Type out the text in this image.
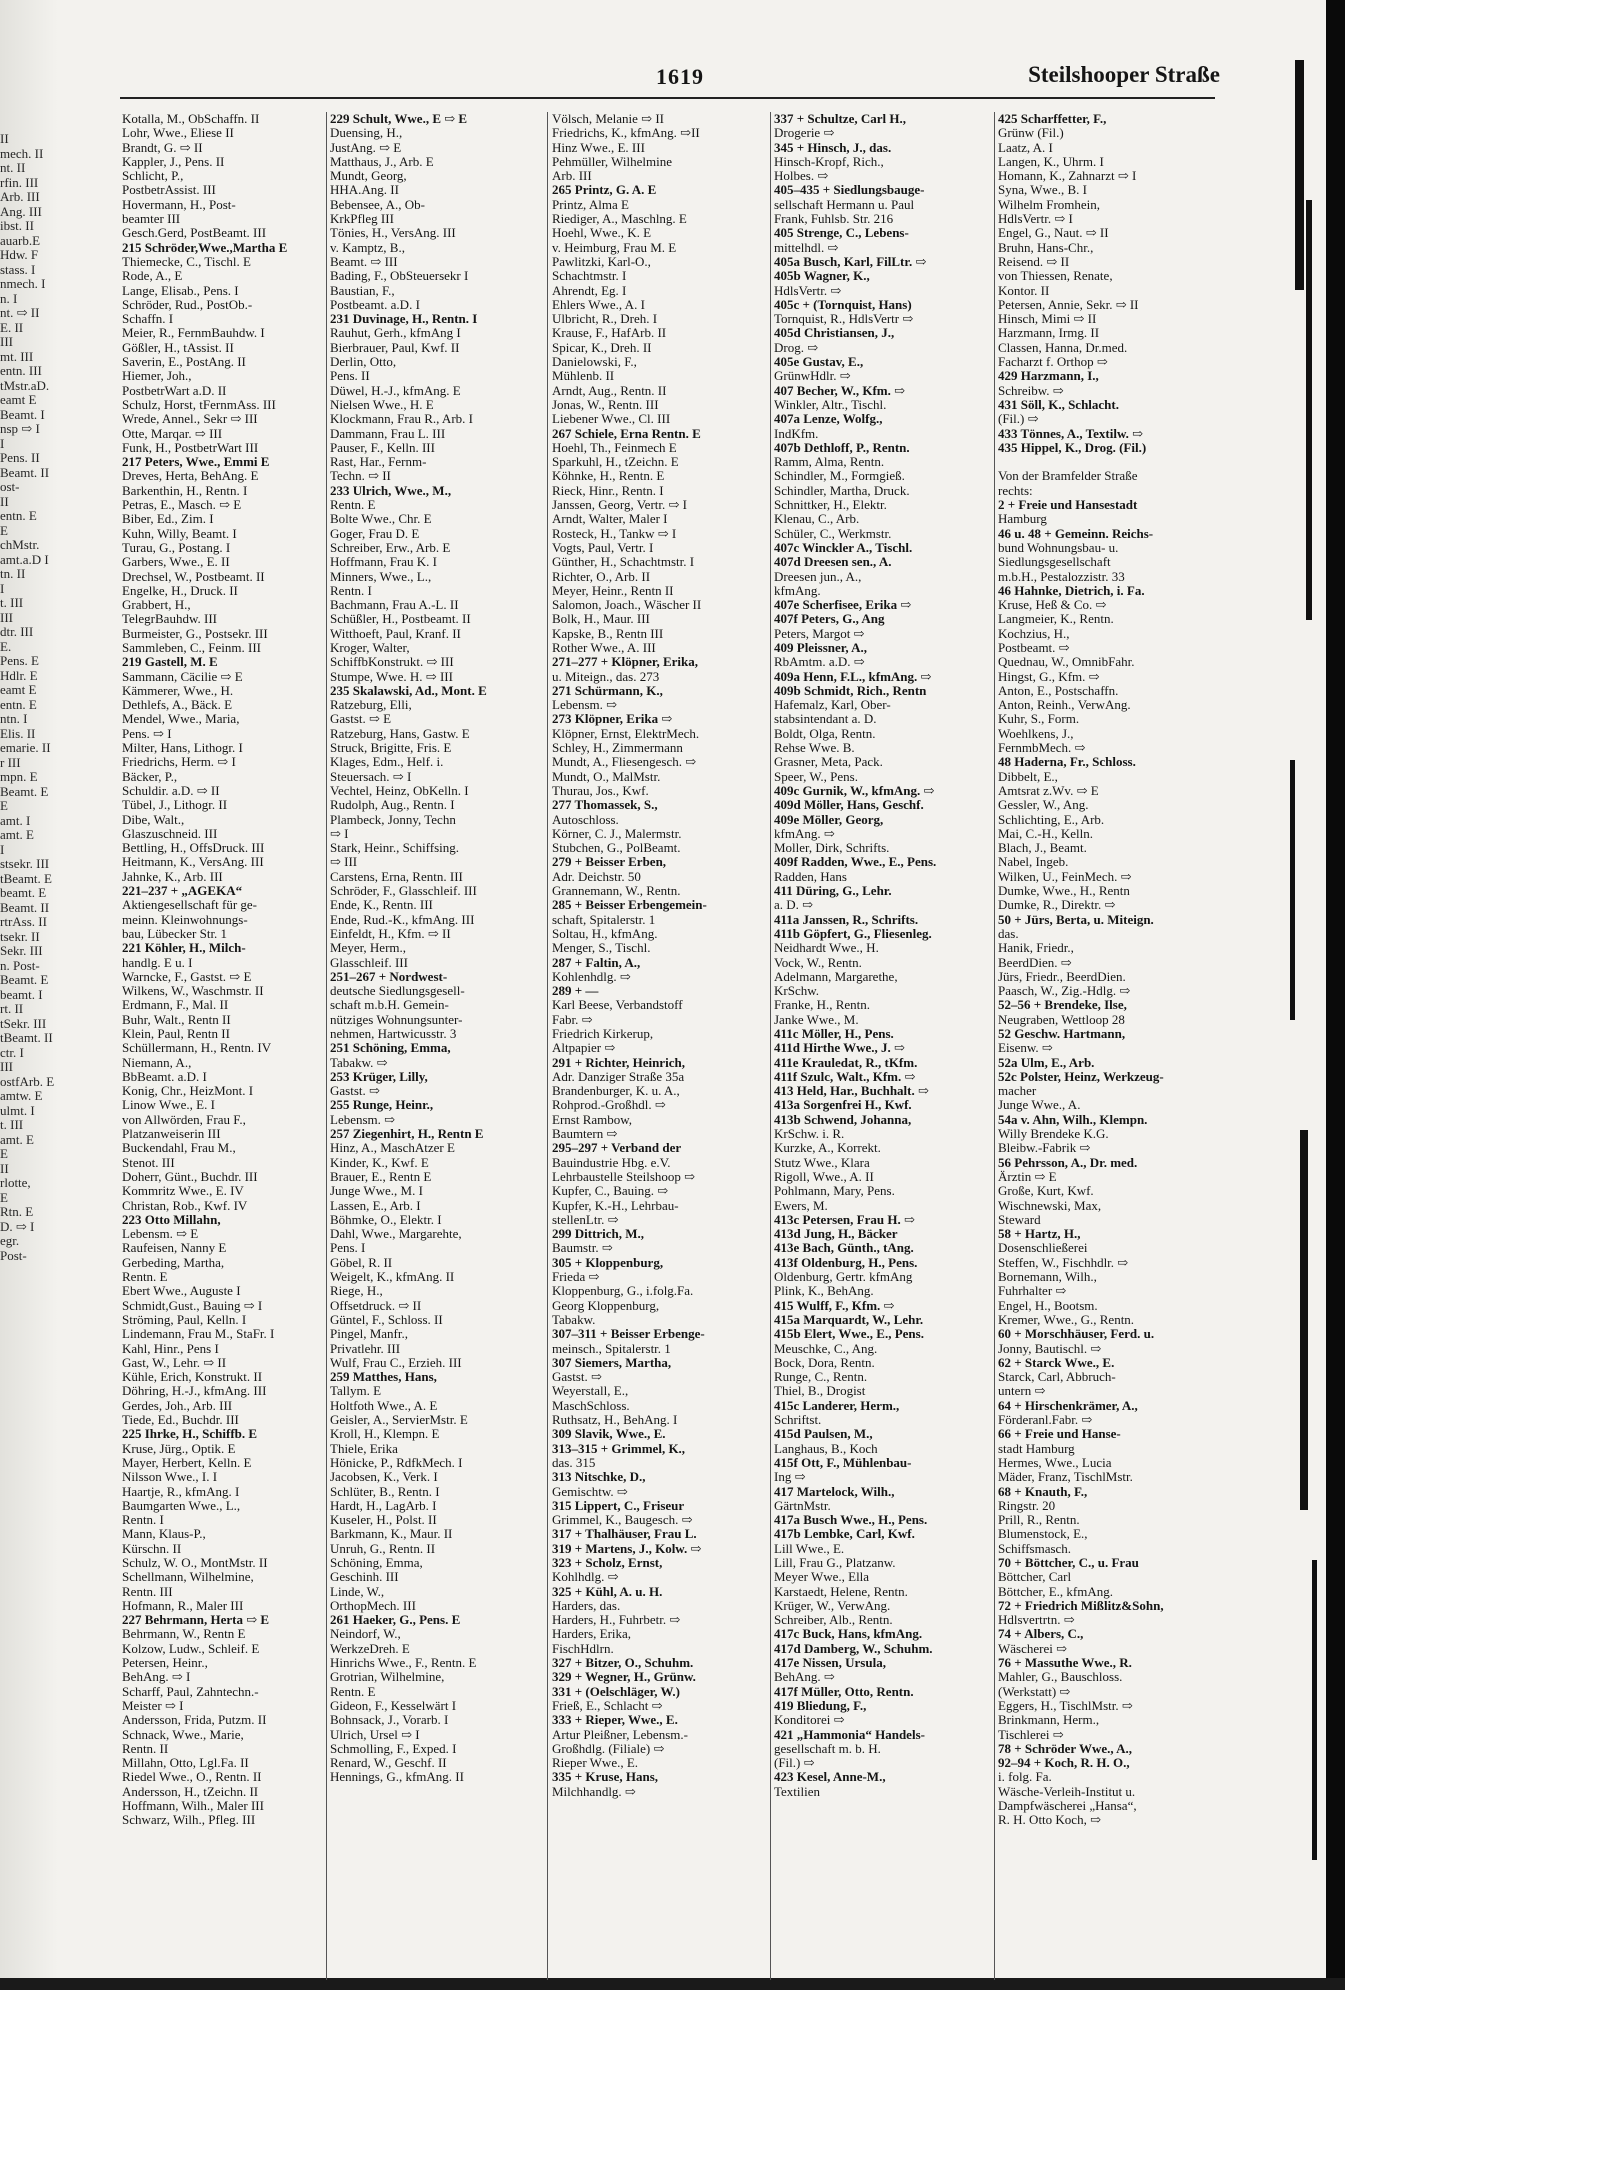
1619	Steilshooper Straße
II
mech. II
nt. II
rfin. III
Arb. III
Ang. III
ibst. II
auarb.E
Hdw. F
stass. I
nmech. I
n. I
nt. ⇨ II
E. II
III
mt. III
entn. III
tMstr.aD.
eamt E
Beamt. I
nsp ⇨ I
I
Pens. II
Beamt. II
ost-
II
entn. E
E
chMstr.
amt.a.D I
tn. II
I
t. III
III
dtr. III
E.
Pens. E
Hdlr. E
eamt E
entn. E
ntn. I
Elis. II
emarie. II
r III
mpn. E
Beamt. E
E
amt. I
amt. E
I
stsekr. III
tBeamt. E
beamt. E
Beamt. II
rtrAss. II
tsekr. II
Sekr. III
n. Post-
Beamt. E
beamt. I
rt. II
tSekr. III
tBeamt. II
ctr. I
III
ostfArb. E
amtw. E
ulmt. I
t. III
amt. E
E
II
rlotte,
E
Rtn. E
D. ⇨ I
egr.
Post-
Kotalla, M., ObSchaffn. II
Lohr, Wwe., Eliese II
Brandt, G. ⇨ II
Kappler, J., Pens. II
Schlicht, P.,
PostbetrAssist. III
Hovermann, H., Post-
beamter III
Gesch.Gerd, PostBeamt. III
215 Schröder,Wwe.,Martha E
Thiemecke, C., Tischl. E
Rode, A., E
Lange, Elisab., Pens. I
Schröder, Rud., PostOb.-
Schaffn. I
Meier, R., FernmBauhdw. I
Gößler, H., tAssist. II
Saverin, E., PostAng. II
Hiemer, Joh.,
PostbetrWart a.D. II
Schulz, Horst, tFernmAss. III
Wrede, Annel., Sekr ⇨ III
Otte, Marqar. ⇨ III
Funk, H., PostbetrWart III
217 Peters, Wwe., Emmi E
Dreves, Herta, BehAng. E
Barkenthin, H., Rentn. I
Petras, E., Masch. ⇨ E
Biber, Ed., Zim. I
Kuhn, Willy, Beamt. I
Turau, G., Postang. I
Garbers, Wwe., E. II
Drechsel, W., Postbeamt. II
Engelke, H., Druck. II
Grabbert, H.,
TelegrBauhdw. III
Burmeister, G., Postsekr. III
Sammleben, C., Feinm. III
219 Gastell, M. E
Sammann, Cäcilie ⇨ E
Kämmerer, Wwe., H.
Dethlefs, A., Bäck. E
Mendel, Wwe., Maria,
Pens. ⇨ I
Milter, Hans, Lithogr. I
Friedrichs, Herm. ⇨ I
Bäcker, P.,
Schuldir. a.D. ⇨ II
Tübel, J., Lithogr. II
Dibe, Walt.,
Glaszuschneid. III
Bettling, H., OffsDruck. III
Heitmann, K., VersAng. III
Jahnke, K., Arb. III
221–237 + „AGEKA“
Aktiengesellschaft für ge-
meinn. Kleinwohnungs-
bau, Lübecker Str. 1
221 Köhler, H., Milch-
handlg. E u. I
Warncke, F., Gastst. ⇨ E
Wilkens, W., Waschmstr. II
Erdmann, F., Mal. II
Buhr, Walt., Rentn II
Klein, Paul, Rentn II
Schüllermann, H., Rentn. IV
Niemann, A.,
BbBeamt. a.D. I
Konig, Chr., HeizMont. I
Linow Wwe., E. I
von Allwörden, Frau F.,
Platzanweiserin III
Buckendahl, Frau M.,
Stenot. III
Doherr, Günt., Buchdr. III
Kommritz Wwe., E. IV
Christan, Rob., Kwf. IV
223 Otto Millahn,
Lebensm. ⇨ E
Raufeisen, Nanny E
Gerbeding, Martha,
Rentn. E
Ebert Wwe., Auguste I
Schmidt,Gust., Bauing ⇨ I
Ströming, Paul, Kelln. I
Lindemann, Frau M., StaFr. I
Kahl, Hinr., Pens I
Gast, W., Lehr. ⇨ II
Kühle, Erich, Konstrukt. II
Döhring, H.-J., kfmAng. III
Gerdes, Joh., Arb. III
Tiede, Ed., Buchdr. III
225 Ihrke, H., Schiffb. E
Kruse, Jürg., Optik. E
Mayer, Herbert, Kelln. E
Nilsson Wwe., I. I
Haartje, R., kfmAng. I
Baumgarten Wwe., L.,
Rentn. I
Mann, Klaus-P.,
Kürschn. II
Schulz, W. O., MontMstr. II
Schellmann, Wilhelmine,
Rentn. III
Hofmann, R., Maler III
227 Behrmann, Herta ⇨ E
Behrmann, W., Rentn E
Kolzow, Ludw., Schleif. E
Petersen, Heinr.,
BehAng. ⇨ I
Scharff, Paul, Zahntechn.-
Meister ⇨ I
Andersson, Frida, Putzm. II
Schnack, Wwe., Marie,
Rentn. II
Millahn, Otto, Lgl.Fa. II
Riedel Wwe., O., Rentn. II
Andersson, H., tZeichn. II
Hoffmann, Wilh., Maler III
Schwarz, Wilh., Pfleg. III
229 Schult, Wwe., E ⇨ E
Duensing, H.,
JustAng. ⇨ E
Matthaus, J., Arb. E
Mundt, Georg,
HHA.Ang. II
Bebensee, A., Ob-
KrkPfleg III
Tönies, H., VersAng. III
v. Kamptz, B.,
Beamt. ⇨ III
Bading, F., ObSteuersekr I
Baustian, F.,
Postbeamt. a.D. I
231 Duvinage, H., Rentn. I
Rauhut, Gerh., kfmAng I
Bierbrauer, Paul, Kwf. II
Derlin, Otto,
Pens. II
Düwel, H.-J., kfmAng. E
Nielsen Wwe., H. E
Klockmann, Frau R., Arb. I
Dammann, Frau L. III
Pauser, F., Kelln. III
Rast, Har., Fernm-
Techn. ⇨ II
233 Ulrich, Wwe., M.,
Rentn. E
Bolte Wwe., Chr. E
Goger, Frau D. E
Schreiber, Erw., Arb. E
Hoffmann, Frau K. I
Minners, Wwe., L.,
Rentn. I
Bachmann, Frau A.-L. II
Schüßler, H., Postbeamt. II
Witthoeft, Paul, Kranf. II
Kroger, Walter,
SchiffbKonstrukt. ⇨ III
Stumpe, Wwe. H. ⇨ III
235 Skalawski, Ad., Mont. E
Ratzeburg, Elli,
Gastst. ⇨ E
Ratzeburg, Hans, Gastw. E
Struck, Brigitte, Fris. E
Klages, Edm., Helf. i.
Steuersach. ⇨ I
Vechtel, Heinz, ObKelln. I
Rudolph, Aug., Rentn. I
Plambeck, Jonny, Techn
⇨ I
Stark, Heinr., Schiffsing.
⇨ III
Carstens, Erna, Rentn. III
Schröder, F., Glasschleif. III
Ende, K., Rentn. III
Ende, Rud.-K., kfmAng. III
Einfeldt, H., Kfm. ⇨ II
Meyer, Herm.,
Glasschleif. III
251–267 + Nordwest-
deutsche Siedlungsgesell-
schaft m.b.H. Gemein-
nütziges Wohnungsunter-
nehmen, Hartwicusstr. 3
251 Schöning, Emma,
Tabakw. ⇨
253 Krüger, Lilly,
Gastst. ⇨
255 Runge, Heinr.,
Lebensm. ⇨
257 Ziegenhirt, H., Rentn E
Hinz, A., MaschAtzer E
Kinder, K., Kwf. E
Brauer, E., Rentn E
Junge Wwe., M. I
Lassen, E., Arb. I
Böhmke, O., Elektr. I
Dahl, Wwe., Margarehte,
Pens. I
Göbel, R. II
Weigelt, K., kfmAng. II
Riege, H.,
Offsetdruck. ⇨ II
Güntel, F., Schloss. II
Pingel, Manfr.,
Privatlehr. III
Wulf, Frau C., Erzieh. III
259 Matthes, Hans,
Tallym. E
Holtfoth Wwe., A. E
Geisler, A., ServierMstr. E
Kroll, H., Klempn. E
Thiele, Erika
Hönicke, P., RdfkMech. I
Jacobsen, K., Verk. I
Schlüter, B., Rentn. I
Hardt, H., LagArb. I
Kuseler, H., Polst. II
Barkmann, K., Maur. II
Unruh, G., Rentn. II
Schöning, Emma,
Geschinh. III
Linde, W.,
OrthopMech. III
261 Haeker, G., Pens. E
Neindorf, W.,
WerkzeDreh. E
Hinrichs Wwe., F., Rentn. E
Grotrian, Wilhelmine,
Rentn. E
Gideon, F., Kesselwärt I
Bohnsack, J., Vorarb. I
Ulrich, Ursel ⇨ I
Schmolling, F., Exped. I
Renard, W., Geschf. II
Hennings, G., kfmAng. II
Völsch, Melanie ⇨ II
Friedrichs, K., kfmAng. ⇨II
Hinz Wwe., E. III
Pehmüller, Wilhelmine
Arb. III
265 Printz, G. A. E
Printz, Alma E
Riediger, A., Maschlng. E
Hoehl, Wwe., K. E
v. Heimburg, Frau M. E
Pawlitzki, Karl-O.,
Schachtmstr. I
Ahrendt, Eg. I
Ehlers Wwe., A. I
Ulbricht, R., Dreh. I
Krause, F., HafArb. II
Spicar, K., Dreh. II
Danielowski, F.,
Mühlenb. II
Arndt, Aug., Rentn. II
Jonas, W., Rentn. III
Liebener Wwe., Cl. III
267 Schiele, Erna Rentn. E
Hoehl, Th., Feinmech E
Sparkuhl, H., tZeichn. E
Köhnke, H., Rentn. E
Rieck, Hinr., Rentn. I
Janssen, Georg, Vertr. ⇨ I
Arndt, Walter, Maler I
Rosteck, H., Tankw ⇨ I
Vogts, Paul, Vertr. I
Günther, H., Schachtmstr. I
Richter, O., Arb. II
Meyer, Heinr., Rentn II
Salomon, Joach., Wäscher II
Bolk, H., Maur. III
Kapske, B., Rentn III
Rother Wwe., A. III
271–277 + Klöpner, Erika,
u. Miteign., das. 273
271 Schürmann, K.,
Lebensm. ⇨
273 Klöpner, Erika ⇨
Klöpner, Ernst, ElektrMech.
Schley, H., Zimmermann
Mundt, A., Fliesengesch. ⇨
Mundt, O., MalMstr.
Thurau, Jos., Kwf.
277 Thomassek, S.,
Autoschloss.
Körner, C. J., Malermstr.
Stubchen, G., PolBeamt.
279 + Beisser Erben,
Adr. Deichstr. 50
Grannemann, W., Rentn.
285 + Beisser Erbengemein-
schaft, Spitalerstr. 1
Soltau, H., kfmAng.
Menger, S., Tischl.
287 + Faltin, A.,
Kohlenhdlg. ⇨
289 + —
Karl Beese, Verbandstoff
Fabr. ⇨
Friedrich Kirkerup,
Altpapier ⇨
291 + Richter, Heinrich,
Adr. Danziger Straße 35a
Brandenburger, K. u. A.,
Rohprod.-Großhdl. ⇨
Ernst Rambow,
Baumtern ⇨
295–297 + Verband der
Bauindustrie Hbg. e.V.
Lehrbaustelle Steilshoop ⇨
Kupfer, C., Bauing. ⇨
Kupfer, K.-H., Lehrbau-
stellenLtr. ⇨
299 Dittrich, M.,
Baumstr. ⇨
305 + Kloppenburg,
Frieda ⇨
Kloppenburg, G., i.folg.Fa.
Georg Kloppenburg,
Tabakw.
307–311 + Beisser Erbenge-
meinsch., Spitalerstr. 1
307 Siemers, Martha,
Gastst. ⇨
Weyerstall, E.,
MaschSchloss.
Ruthsatz, H., BehAng. I
309 Slavik, Wwe., E.
313–315 + Grimmel, K.,
das. 315
313 Nitschke, D.,
Gemischtw. ⇨
315 Lippert, C., Friseur
Grimmel, K., Baugesch. ⇨
317 + Thalhäuser, Frau L.
319 + Martens, J., Kolw. ⇨
323 + Scholz, Ernst,
Kohlhdlg. ⇨
325 + Kühl, A. u. H.
Harders, das.
Harders, H., Fuhrbetr. ⇨
Harders, Erika,
FischHdlrn.
327 + Bitzer, O., Schuhm.
329 + Wegner, H., Grünw.
331 + (Oelschläger, W.)
Frieß, E., Schlacht ⇨
333 + Rieper, Wwe., E.
Artur Pleißner, Lebensm.-
Großhdlg. (Filiale) ⇨
Rieper Wwe., E.
335 + Kruse, Hans,
Milchhandlg. ⇨
337 + Schultze, Carl H.,
Drogerie ⇨
345 + Hinsch, J., das.
Hinsch-Kropf, Rich.,
Holbes. ⇨
405–435 + Siedlungsbauge-
sellschaft Hermann u. Paul
Frank, Fuhlsb. Str. 216
405 Strenge, C., Lebens-
mittelhdl. ⇨
405a Busch, Karl, FilLtr. ⇨
405b Wagner, K.,
HdlsVertr. ⇨
405c + (Tornquist, Hans)
Tornquist, R., HdlsVertr ⇨
405d Christiansen, J.,
Drog. ⇨
405e Gustav, E.,
GrünwHdlr. ⇨
407 Becher, W., Kfm. ⇨
Winkler, Altr., Tischl.
407a Lenze, Wolfg.,
IndKfm.
407b Dethloff, P., Rentn.
Ramm, Alma, Rentn.
Schindler, M., Formgieß.
Schindler, Martha, Druck.
Schnittker, H., Elektr.
Klenau, C., Arb.
Schüler, C., Werkmstr.
407c Winckler A., Tischl.
407d Dreesen sen., A.
Dreesen jun., A.,
kfmAng.
407e Scherfisee, Erika ⇨
407f Peters, G., Ang
Peters, Margot ⇨
409 Pleissner, A.,
RbAmtm. a.D. ⇨
409a Henn, F.L., kfmAng. ⇨
409b Schmidt, Rich., Rentn
Hafemalz, Karl, Ober-
stabsintendant a. D.
Boldt, Olga, Rentn.
Rehse Wwe. B.
Grasner, Meta, Pack.
Speer, W., Pens.
409c Gurnik, W., kfmAng. ⇨
409d Möller, Hans, Geschf.
409e Möller, Georg,
kfmAng. ⇨
Moller, Dirk, Schrifts.
409f Radden, Wwe., E., Pens.
Radden, Hans
411 Düring, G., Lehr.
a. D. ⇨
411a Janssen, R., Schrifts.
411b Göpfert, G., Fliesenleg.
Neidhardt Wwe., H.
Vock, W., Rentn.
Adelmann, Margarethe,
KrSchw.
Franke, H., Rentn.
Janke Wwe., M.
411c Möller, H., Pens.
411d Hirthe Wwe., J. ⇨
411e Krauledat, R., tKfm.
411f Szulc, Walt., Kfm. ⇨
413 Held, Har., Buchhalt. ⇨
413a Sorgenfrei H., Kwf.
413b Schwend, Johanna,
KrSchw. i. R.
Kurzke, A., Korrekt.
Stutz Wwe., Klara
Rigoll, Wwe., A. II
Pohlmann, Mary, Pens.
Ewers, M.
413c Petersen, Frau H. ⇨
413d Jung, H., Bäcker
413e Bach, Günth., tAng.
413f Oldenburg, H., Pens.
Oldenburg, Gertr. kfmAng
Plink, K., BehAng.
415 Wulff, F., Kfm. ⇨
415a Marquardt, W., Lehr.
415b Elert, Wwe., E., Pens.
Meuschke, C., Ang.
Bock, Dora, Rentn.
Runge, C., Rentn.
Thiel, B., Drogist
415c Landerer, Herm.,
Schriftst.
415d Paulsen, M.,
Langhaus, B., Koch
415f Ott, F., Mühlenbau-
Ing ⇨
417 Martelock, Wilh.,
GärtnMstr.
417a Busch Wwe., H., Pens.
417b Lembke, Carl, Kwf.
Lill Wwe., E.
Lill, Frau G., Platzanw.
Meyer Wwe., Ella
Karstaedt, Helene, Rentn.
Krüger, W., VerwAng.
Schreiber, Alb., Rentn.
417c Buck, Hans, kfmAng.
417d Damberg, W., Schuhm.
417e Nissen, Ursula,
BehAng. ⇨
417f Müller, Otto, Rentn.
419 Bliedung, F.,
Konditorei ⇨
421 „Hammonia“ Handels-
gesellschaft m. b. H.
(Fil.) ⇨
423 Kesel, Anne-M.,
Textilien
425 Scharffetter, F.,
Grünw (Fil.)
Laatz, A. I
Langen, K., Uhrm. I
Homann, K., Zahnarzt ⇨ I
Syna, Wwe., B. I
Wilhelm Fromhein,
HdlsVertr. ⇨ I
Engel, G., Naut. ⇨ II
Bruhn, Hans-Chr.,
Reisend. ⇨ II
von Thiessen, Renate,
Kontor. II
Petersen, Annie, Sekr. ⇨ II
Hinsch, Mimi ⇨ II
Harzmann, Irmg. II
Classen, Hanna, Dr.med.
Facharzt f. Orthop ⇨
429 Harzmann, I.,
Schreibw. ⇨
431 Söll, K., Schlacht.
(Fil.) ⇨
433 Tönnes, A., Textilw. ⇨
435 Hippel, K., Drog. (Fil.)
Von der Bramfelder Straße
rechts:
2 + Freie und Hansestadt
Hamburg
46 u. 48 + Gemeinn. Reichs-
bund Wohnungsbau- u.
Siedlungsgesellschaft
m.b.H., Pestalozzistr. 33
46 Hahnke, Dietrich, i. Fa.
Kruse, Heß & Co. ⇨
Langmeier, K., Rentn.
Kochzius, H.,
Postbeamt. ⇨
Quednau, W., OmnibFahr.
Hingst, G., Kfm. ⇨
Anton, E., Postschaffn.
Anton, Reinh., VerwAng.
Kuhr, S., Form.
Woehlkens, J.,
FernmbMech. ⇨
48 Haderna, Fr., Schloss.
Dibbelt, E.,
Amtsrat z.Wv. ⇨ E
Gessler, W., Ang.
Schlichting, E., Arb.
Mai, C.-H., Kelln.
Blach, J., Beamt.
Nabel, Ingeb.
Wilken, U., FeinMech. ⇨
Dumke, Wwe., H., Rentn
Dumke, R., Direktr. ⇨
50 + Jürs, Berta, u. Miteign.
das.
Hanik, Friedr.,
BeerdDien. ⇨
Jürs, Friedr., BeerdDien.
Paasch, W., Zig.-Hdlg. ⇨
52–56 + Brendeke, Ilse,
Neugraben, Wettloop 28
52 Geschw. Hartmann,
Eisenw. ⇨
52a Ulm, E., Arb.
52c Polster, Heinz, Werkzeug-
macher
Junge Wwe., A.
54a v. Ahn, Wilh., Klempn.
Willy Brendeke K.G.
Bleibw.-Fabrik ⇨
56 Pehrsson, A., Dr. med.
Ärztin ⇨ E
Große, Kurt, Kwf.
Wischnewski, Max,
Steward
58 + Hartz, H.,
Dosenschließerei
Steffen, W., Fischhdlr. ⇨
Bornemann, Wilh.,
Fuhrhalter ⇨
Engel, H., Bootsm.
Kremer, Wwe., G., Rentn.
60 + Morschhäuser, Ferd. u.
Jonny, Bautischl. ⇨
62 + Starck Wwe., E.
Starck, Carl, Abbruch-
untern ⇨
64 + Hirschenkrämer, A.,
Förderanl.Fabr. ⇨
66 + Freie und Hanse-
stadt Hamburg
Hermes, Wwe., Lucia
Mäder, Franz, TischlMstr.
68 + Knauth, F.,
Ringstr. 20
Prill, R., Rentn.
Blumenstock, E.,
Schiffsmasch.
70 + Böttcher, C., u. Frau
Böttcher, Carl
Böttcher, E., kfmAng.
72 + Friedrich Mißlitz&Sohn,
Hdlsvertrtn. ⇨
74 + Albers, C.,
Wäscherei ⇨
76 + Massuthe Wwe., R.
Mahler, G., Bauschloss.
(Werkstatt) ⇨
Eggers, H., TischlMstr. ⇨
Brinkmann, Herm.,
Tischlerei ⇨
78 + Schröder Wwe., A.,
92–94 + Koch, R. H. O.,
i. folg. Fa.
Wäsche-Verleih-Institut u.
Dampfwäscherei „Hansa“,
R. H. Otto Koch, ⇨
